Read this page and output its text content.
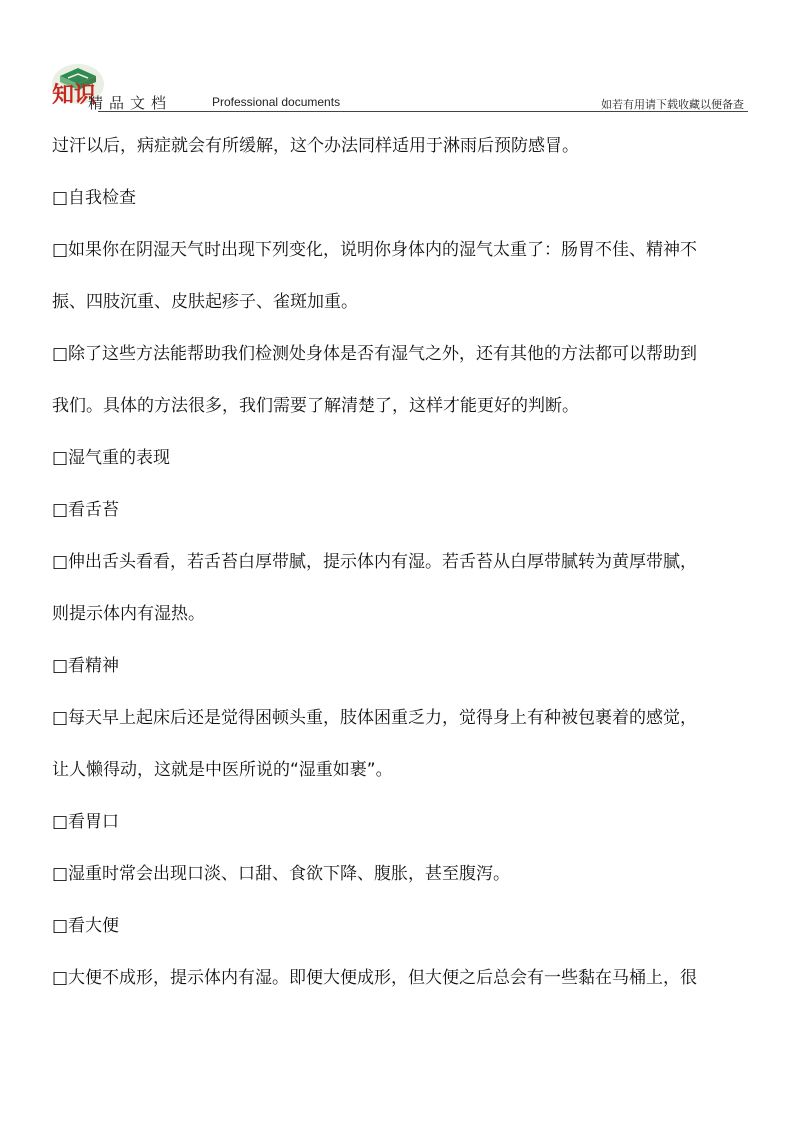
知识
精品文档	Professional documents	如若有用请下载收藏以便备查
过汗以后，病症就会有所缓解，这个办法同样适用于淋雨后预防感冒。
□自我检查
□如果你在阴湿天气时出现下列变化，说明你身体内的湿气太重了：肠胃不佳、精神不
振、四肢沉重、皮肤起疹子、雀斑加重。
□除了这些方法能帮助我们检测处身体是否有湿气之外，还有其他的方法都可以帮助到
我们。具体的方法很多，我们需要了解清楚了，这样才能更好的判断。
□湿气重的表现
□看舌苔
□伸出舌头看看，若舌苔白厚带腻，提示体内有湿。若舌苔从白厚带腻转为黄厚带腻，
则提示体内有湿热。
□看精神
□每天早上起床后还是觉得困顿头重，肢体困重乏力，觉得身上有种被包裹着的感觉，
让人懒得动，这就是中医所说的“湿重如裹”。
□看胃口
□湿重时常会出现口淡、口甜、食欲下降、腹胀，甚至腹泻。
□看大便
□大便不成形，提示体内有湿。即便大便成形，但大便之后总会有一些黏在马桶上，很
